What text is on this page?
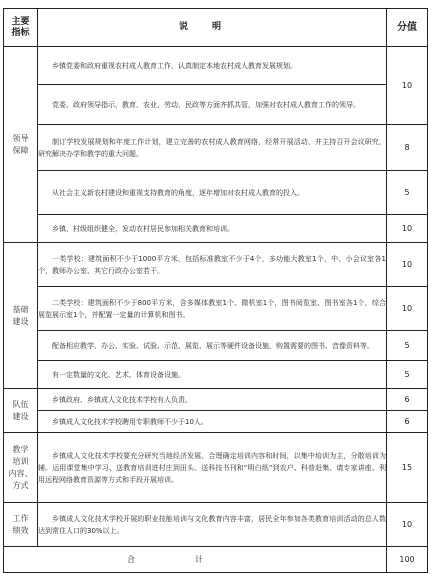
主要
指标	说明	分值
领导
保障	乡镇党委和政府重视农村成人教育工作，认真制定本地农村成人教育发展规划。	10
	党委、政府领导指示，教育、农业、劳动、民政等方面齐抓共管，加强对农村成人教育工作的领导。	
	制订学校发展规划和年度工作计划，建立完善的农村成人教育网络，经常开展活动，并主持召开会议研究，研究解决办学和教学的重大问题。	8
	从社会主义新农村建设和重视支持教育的角度，逐年增加对农村成人教育的投入。	5
	乡镇、村级组织健全，发动农村居民参加相关教育和培训。	10
基础
建设	一类学校：建筑面积不少于1000平方米，包括标准教室不少于4个，多功能大教室1个，中、小会议室各1个，教师办公室、其它行政办公室若干。	10
	二类学校：建筑面积不少于800平方米，含多媒体教室1个、微机室1个，图书阅览室、图书室各1个，综合展览展示室1个，并配置一定量的计算机和图书。	10
	配备相应教学、办公、实验、试验、示范、展览、展示等硬件设备设施，购置需要的图书、音像资料等。	5
	有一定数量的文化、艺术、体育设备设施。	5
队伍
建设	乡镇政府、乡镇成人文化技术学校有人负责。	6
	乡镇成人文化技术学校聘用专职教师不少于10人。	6
教学
培训
内容、
方式	乡镇成人文化技术学校要充分研究当地经济发展、合理确定培训内容和时间，以集中培训为主，分散培训为辅。运用课堂集中学习、送教育培训进村庄到田头、送科技书刊和“明白纸”到农户、科普赶集、请专家讲座、利用远程网络教育资源等方式和手段开展培训。	15
工作
绩效	乡镇成人文化技术学校开展的职业技能培训与文化教育内容丰富，居民全年参加各类教育培训活动的总人数达到常住人口的30%以上。	10
合计		100
